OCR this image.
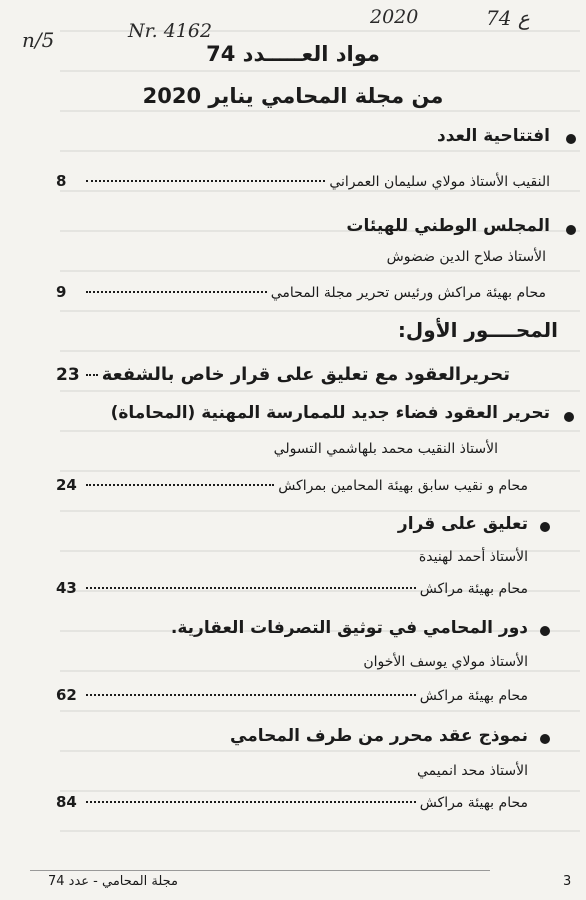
n/5	Nr. 4162
2020	74 ع
مواد العـــــدد 74
من مجلة المحامي يناير 2020
افتتاحية العدد
8	النقيب الأستاذ مولاي سليمان العمراني
المجلس الوطني للهيئات
الأستاذ صلاح الدين ضضوش
9	محام بهيئة مراكش ورئيس تحرير مجلة المحامي
المحــــور الأول:
23 تحريرالعقود مع تعليق على قرار خاص بالشفعة
تحرير العقود فضاء جديد للممارسة المهنية (المحاماة)
الأستاذ النقيب محمد بلهاشمي التسولي
24	محام و نقيب سابق بهيئة المحامين بمراكش
تعليق على قرار
الأستاذ أحمد لهنيدة
43	محام بهيئة مراكش
دور المحامي في توثيق التصرفات العقارية.
الأستاذ مولاي يوسف الأخوان
62	محام بهيئة مراكش
نموذج عقد محرر من طرف المحامي
الأستاذ محد انميمي
84	محام بهيئة مراكش
مجلة المحامي - عدد 74	3
